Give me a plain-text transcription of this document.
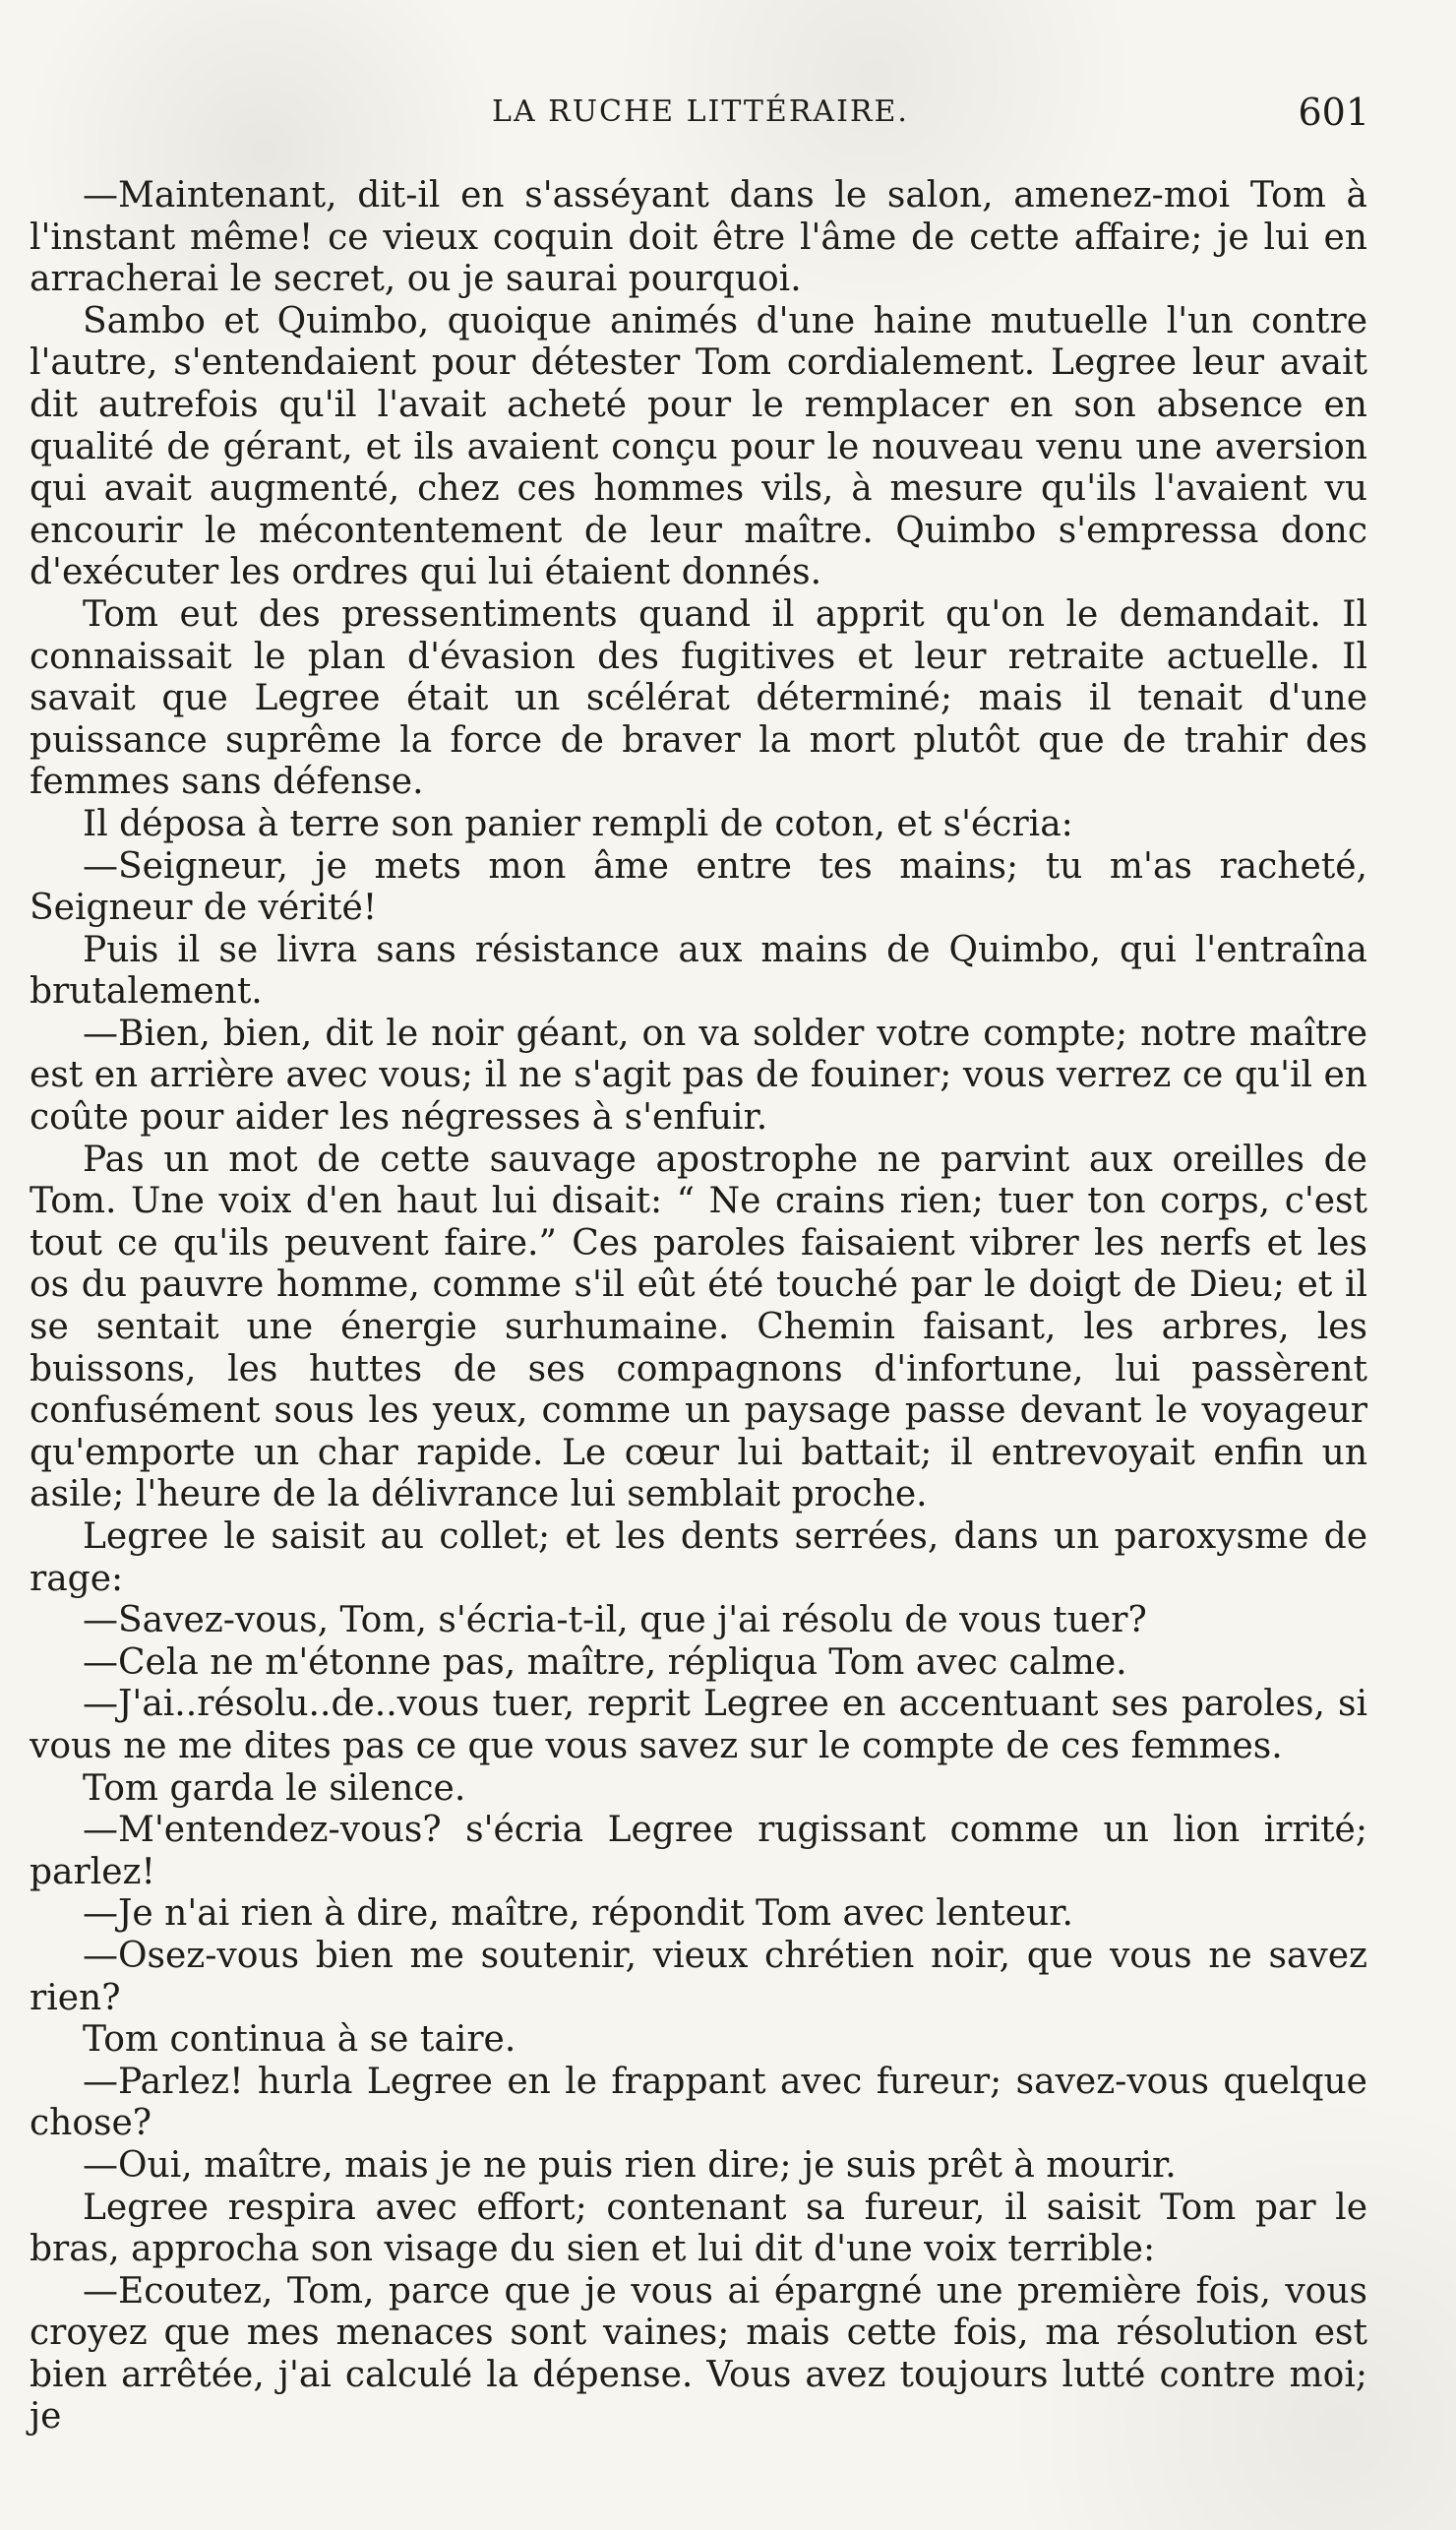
LA RUCHE LITTÉRAIRE.	601

—Maintenant, dit-il en s'asséyant dans le salon, amenez-moi Tom à l'instant même! ce vieux coquin doit être l'âme de cette affaire; je lui en arracherai le secret, ou je saurai pourquoi.

Sambo et Quimbo, quoique animés d'une haine mutuelle l'un contre l'autre, s'entendaient pour détester Tom cordialement. Legree leur avait dit autrefois qu'il l'avait acheté pour le remplacer en son absence en qualité de gérant, et ils avaient conçu pour le nouveau venu une aversion qui avait augmenté, chez ces hommes vils, à mesure qu'ils l'avaient vu encourir le mécontentement de leur maître. Quimbo s'empressa donc d'exécuter les ordres qui lui étaient donnés.

Tom eut des pressentiments quand il apprit qu'on le demandait. Il connaissait le plan d'évasion des fugitives et leur retraite actuelle. Il savait que Legree était un scélérat déterminé; mais il tenait d'une puissance suprême la force de braver la mort plutôt que de trahir des femmes sans défense.

Il déposa à terre son panier rempli de coton, et s'écria:

—Seigneur, je mets mon âme entre tes mains; tu m'as racheté, Seigneur de vérité!

Puis il se livra sans résistance aux mains de Quimbo, qui l'entraîna brutalement.

—Bien, bien, dit le noir géant, on va solder votre compte; notre maître est en arrière avec vous; il ne s'agit pas de fouiner; vous verrez ce qu'il en coûte pour aider les négresses à s'enfuir.

Pas un mot de cette sauvage apostrophe ne parvint aux oreilles de Tom. Une voix d'en haut lui disait: “ Ne crains rien; tuer ton corps, c'est tout ce qu'ils peuvent faire.” Ces paroles faisaient vibrer les nerfs et les os du pauvre homme, comme s'il eût été touché par le doigt de Dieu; et il se sentait une énergie surhumaine. Chemin faisant, les arbres, les buissons, les huttes de ses compagnons d'infortune, lui passèrent confusément sous les yeux, comme un paysage passe devant le voyageur qu'emporte un char rapide. Le cœur lui battait; il entrevoyait enfin un asile; l'heure de la délivrance lui semblait proche.

Legree le saisit au collet; et les dents serrées, dans un paroxysme de rage:

—Savez-vous, Tom, s'écria-t-il, que j'ai résolu de vous tuer?

—Cela ne m'étonne pas, maître, répliqua Tom avec calme.

—J'ai..résolu..de..vous tuer, reprit Legree en accentuant ses paroles, si vous ne me dites pas ce que vous savez sur le compte de ces femmes.

Tom garda le silence.

—M'entendez-vous? s'écria Legree rugissant comme un lion irrité; parlez!

—Je n'ai rien à dire, maître, répondit Tom avec lenteur.

—Osez-vous bien me soutenir, vieux chrétien noir, que vous ne savez rien?

Tom continua à se taire.

—Parlez! hurla Legree en le frappant avec fureur; savez-vous quelque chose?

—Oui, maître, mais je ne puis rien dire; je suis prêt à mourir.

Legree respira avec effort; contenant sa fureur, il saisit Tom par le bras, approcha son visage du sien et lui dit d'une voix terrible:

—Ecoutez, Tom, parce que je vous ai épargné une première fois, vous croyez que mes menaces sont vaines; mais cette fois, ma résolution est bien arrêtée, j'ai calculé la dépense. Vous avez toujours lutté contre moi; je
